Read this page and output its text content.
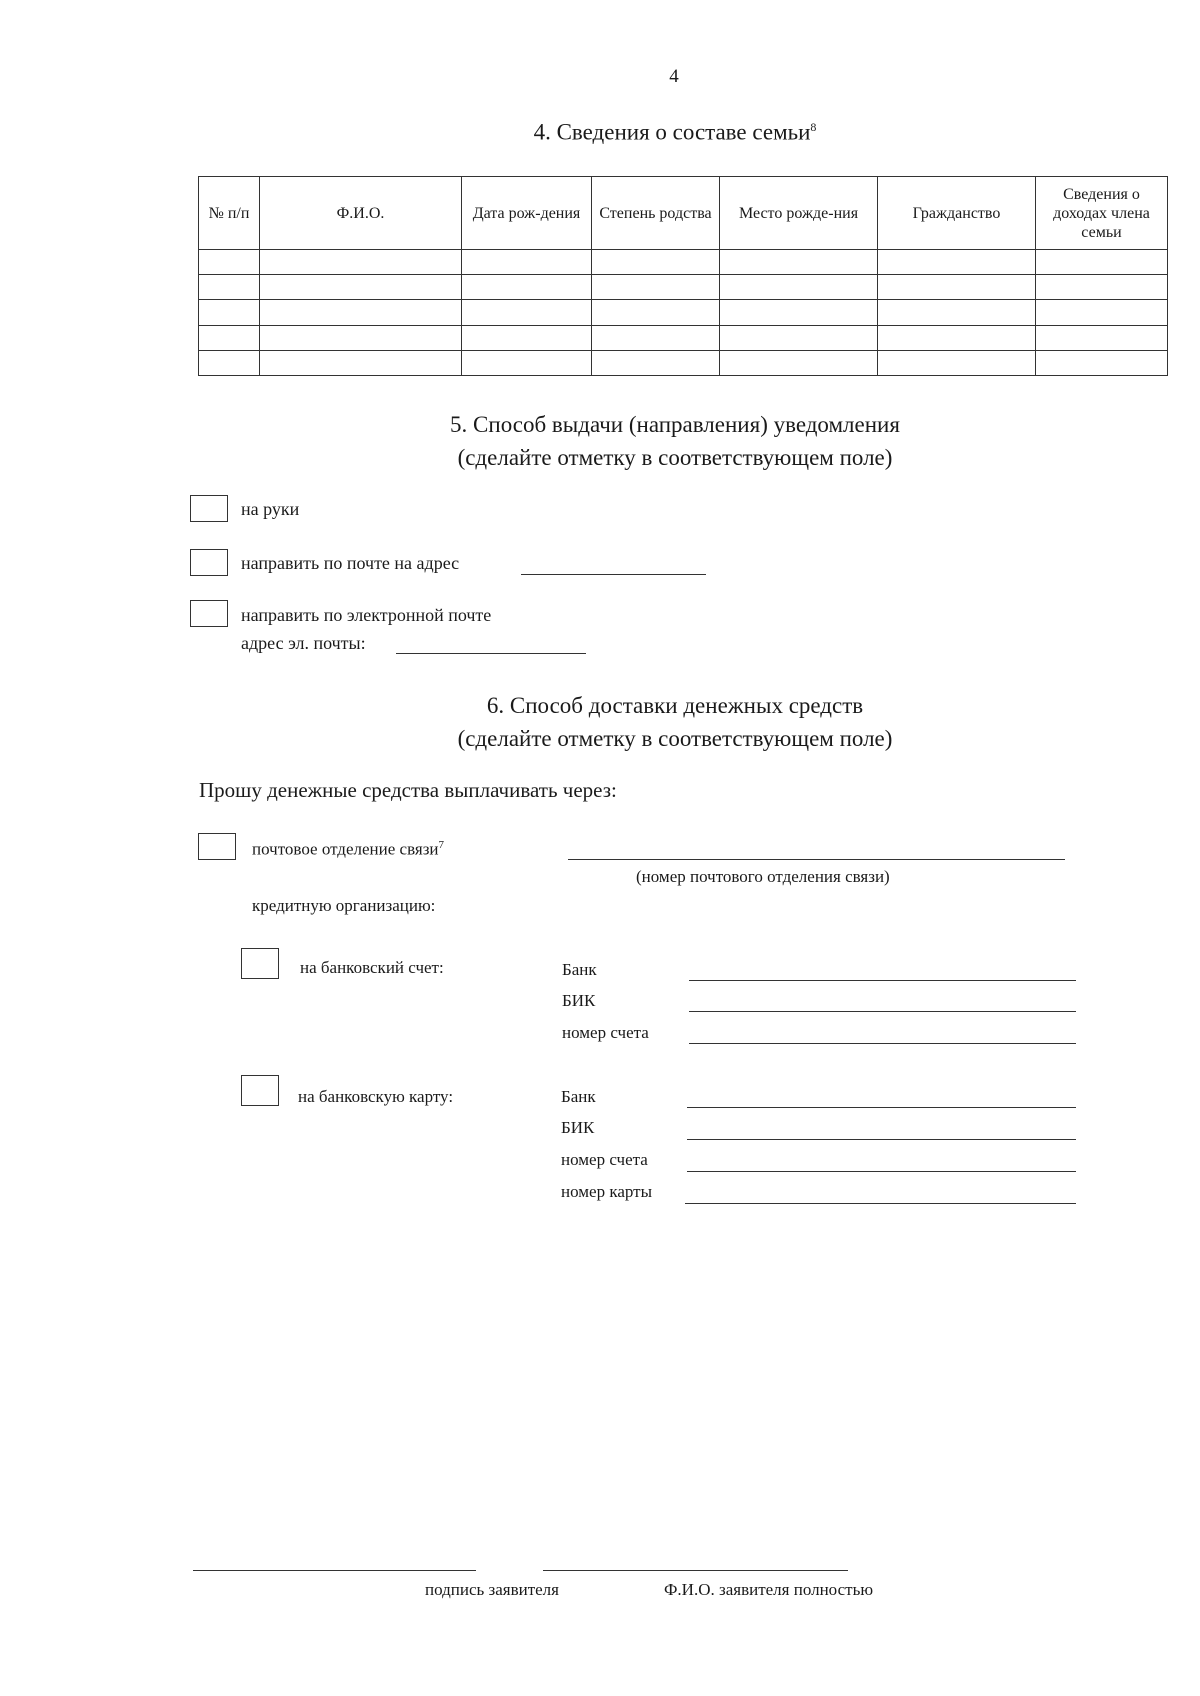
4
4. Сведения о составе семьи$^8$
№ п/п	Ф.И.О.	Дата рож-дения	Степень родства	Место рожде-ния	Гражданство	Сведения о доходах члена семьи

5. Способ выдачи (направления) уведомления
(сделайте отметку в соответствующем поле)
на руки
направить по почте на адрес
направить по электронной почте
адрес эл. почты:
6. Способ доставки денежных средств
(сделайте отметку в соответствующем поле)
Прошу денежные средства выплачивать через:
почтовое отделение связи$^7$
(номер почтового отделения связи)
кредитную организацию:
на банковский счет:	Банк
БИК
номер счета
на банковскую карту:	Банк
БИК
номер счета
номер карты
подпись заявителя	Ф.И.О. заявителя полностью
